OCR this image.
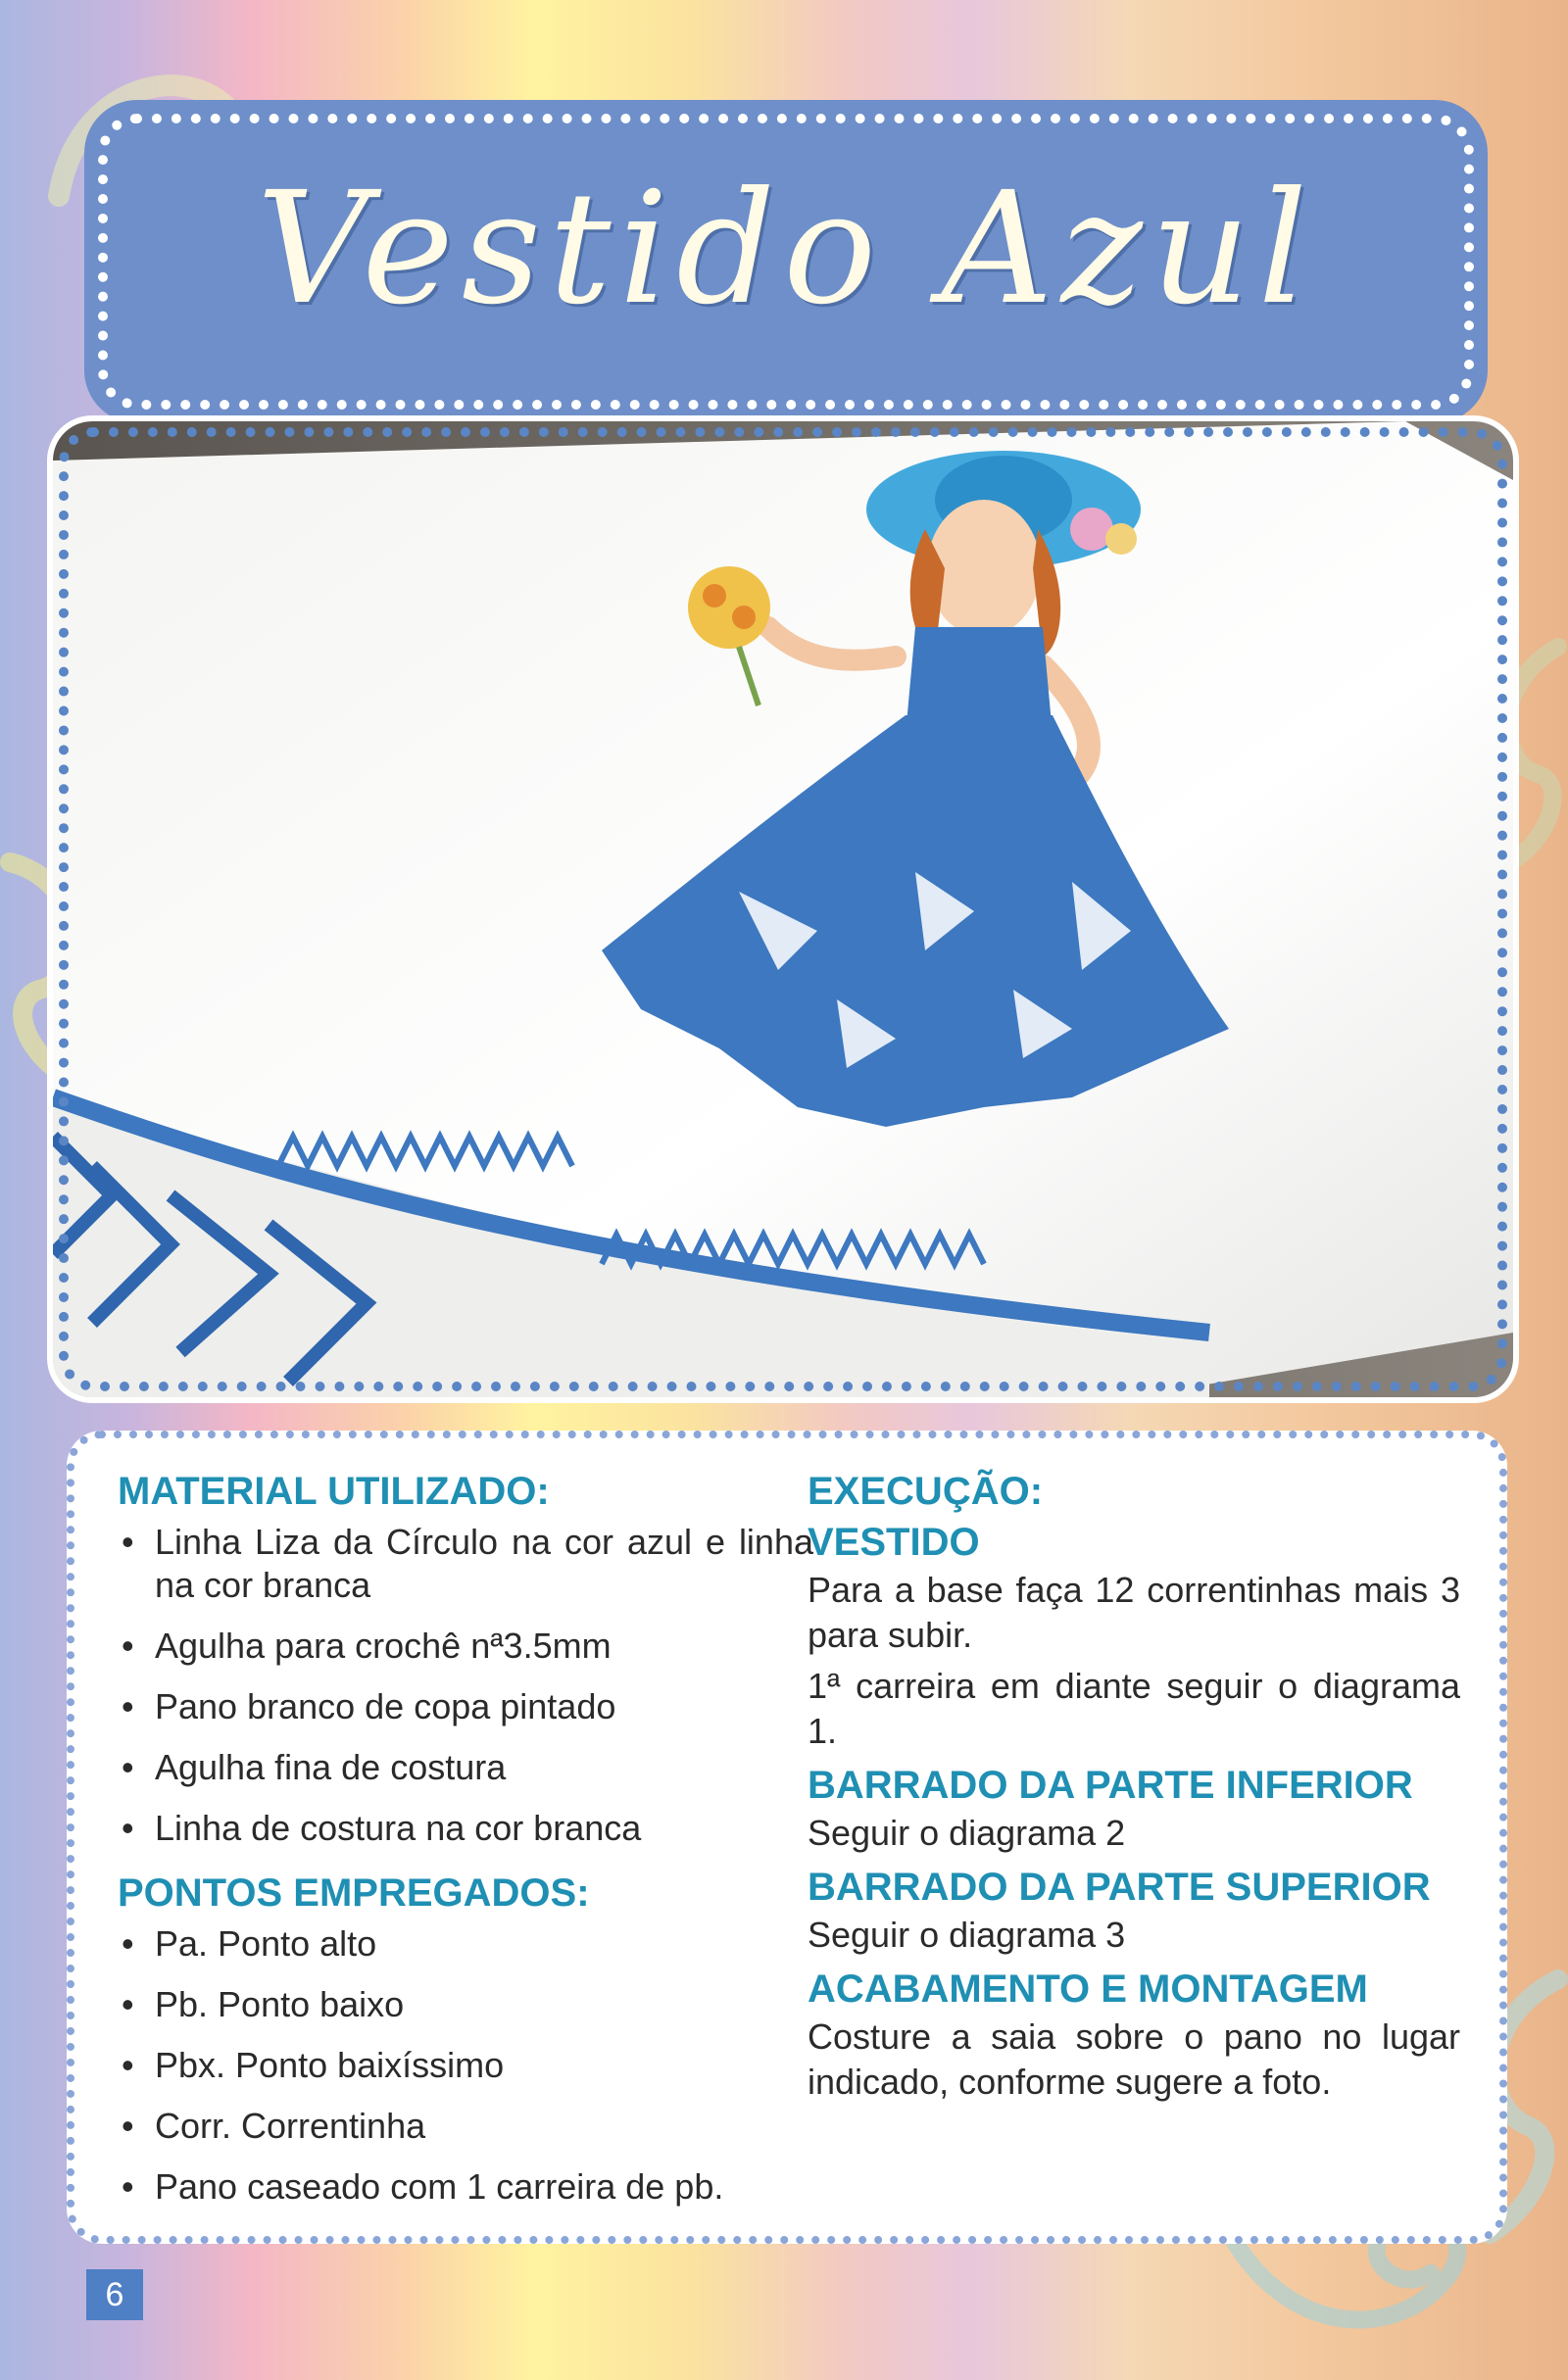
Vestido Azul
MATERIAL UTILIZADO:
• Linha Liza da Círculo na cor azul e linha na cor branca
• Agulha para crochê nª3.5mm
• Pano branco de copa pintado
• Agulha fina de costura
• Linha de costura na cor branca
PONTOS EMPREGADOS:
• Pa. Ponto alto
• Pb. Ponto baixo
• Pbx. Ponto baixíssimo
• Corr. Correntinha
• Pano caseado com 1 carreira de pb.
EXECUÇÃO:
VESTIDO

Para a base faça 12 correntinhas mais 3 para subir.

1ª carreira em diante seguir o diagrama 1.

BARRADO DA PARTE INFERIOR

Seguir o diagrama 2

BARRADO DA PARTE SUPERIOR

Seguir o diagrama 3

ACABAMENTO E MONTAGEM

Costure a saia sobre o pano no lugar indicado, conforme sugere a foto.

6
